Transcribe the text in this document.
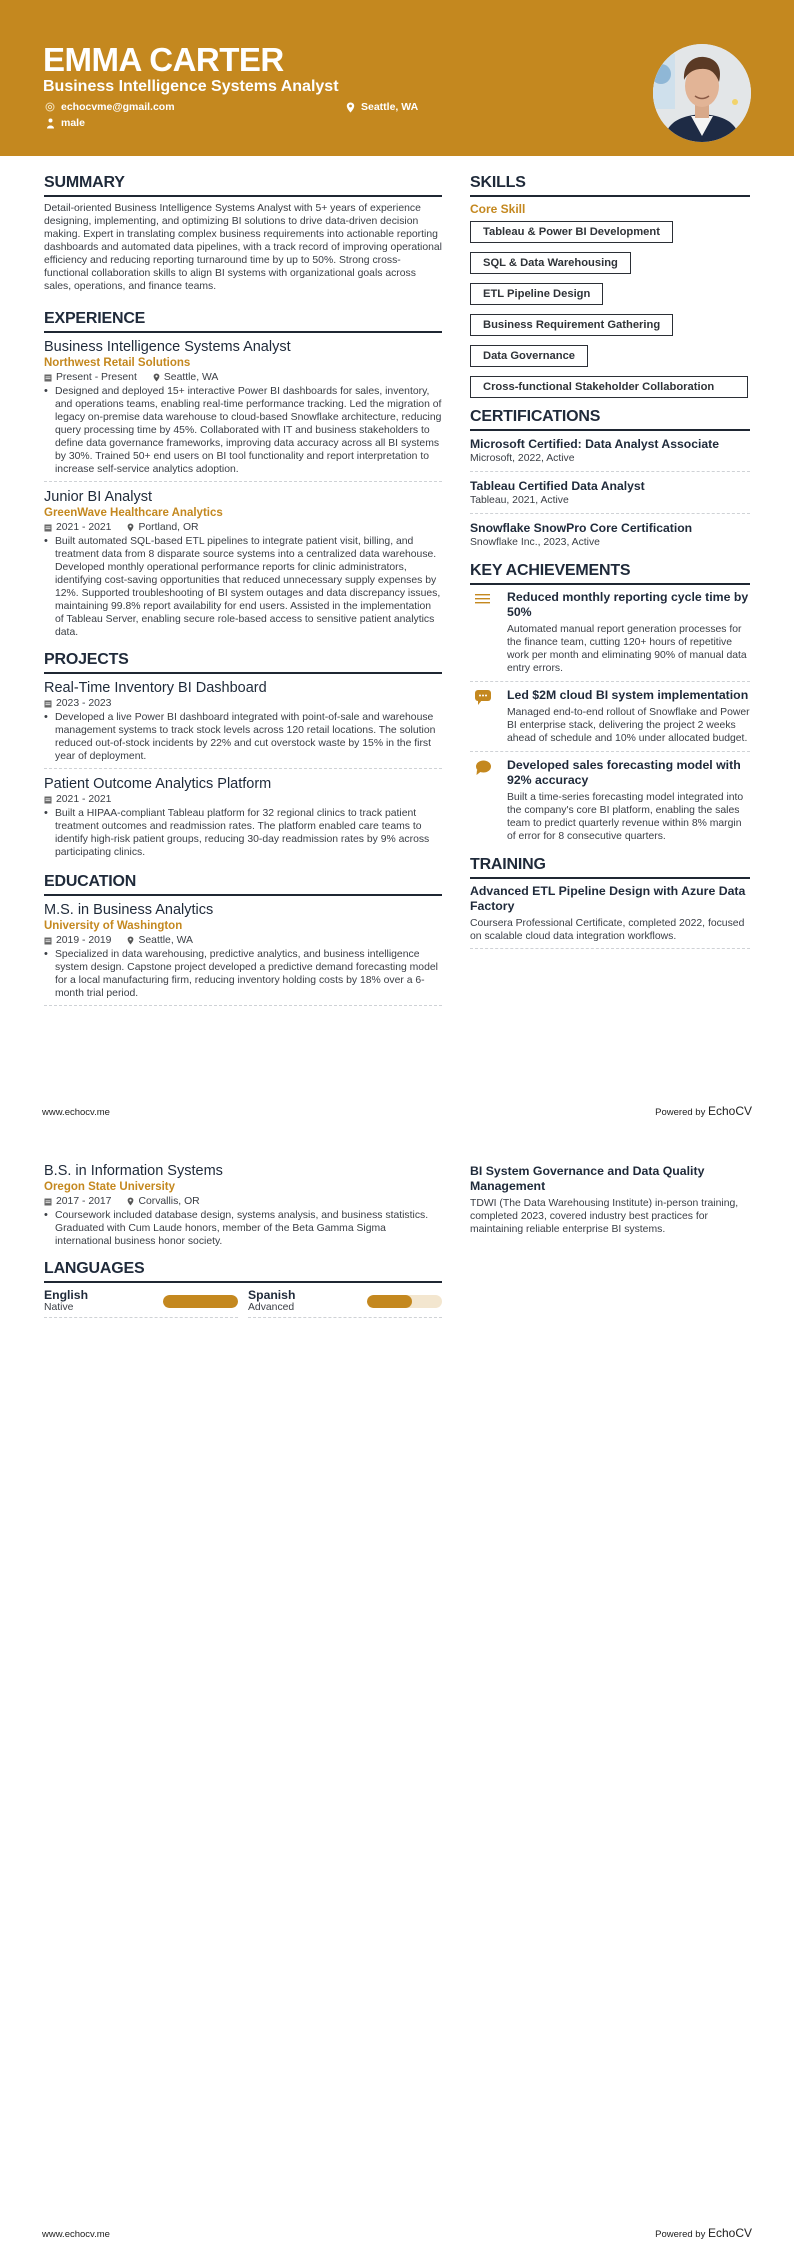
EMMA CARTER
Business Intelligence Systems Analyst
echocvme@gmail.com	Seattle, WA
male
SUMMARY

Detail-oriented Business Intelligence Systems Analyst with 5+ years of experience designing, implementing, and optimizing BI solutions to drive data-driven decision making. Expert in translating complex business requirements into actionable reporting dashboards and automated data pipelines, with a track record of improving operational efficiency and reducing reporting turnaround time by up to 50%. Strong cross-functional collaboration skills to align BI systems with organizational goals across sales, operations, and finance teams.

EXPERIENCE
Business Intelligence Systems Analyst
Northwest Retail Solutions
Present - Present	Seattle, WA
• Designed and deployed 15+ interactive Power BI dashboards for sales, inventory, and operations teams, enabling real-time performance tracking. Led the migration of legacy on-premise data warehouse to cloud-based Snowflake architecture, reducing query processing time by 45%. Collaborated with IT and business stakeholders to define data governance frameworks, improving data accuracy across all BI systems by 30%. Trained 50+ end users on BI tool functionality and report interpretation to increase self-service analytics adoption.
Junior BI Analyst
GreenWave Healthcare Analytics
2021 - 2021	Portland, OR
• Built automated SQL-based ETL pipelines to integrate patient visit, billing, and treatment data from 8 disparate source systems into a centralized data warehouse. Developed monthly operational performance reports for clinic administrators, identifying cost-saving opportunities that reduced unnecessary supply expenses by 12%. Supported troubleshooting of BI system outages and data discrepancy issues, maintaining 99.8% report availability for end users. Assisted in the implementation of Tableau Server, enabling secure role-based access to sensitive patient analytics data.
PROJECTS
Real-Time Inventory BI Dashboard
2023 - 2023
• Developed a live Power BI dashboard integrated with point-of-sale and warehouse management systems to track stock levels across 120 retail locations. The solution reduced out-of-stock incidents by 22% and cut overstock waste by 15% in the first year of deployment.
Patient Outcome Analytics Platform
2021 - 2021
• Built a HIPAA-compliant Tableau platform for 32 regional clinics to track patient treatment outcomes and readmission rates. The platform enabled care teams to identify high-risk patient groups, reducing 30-day readmission rates by 9% across participating clinics.
EDUCATION
M.S. in Business Analytics
University of Washington
2019 - 2019	Seattle, WA
• Specialized in data warehousing, predictive analytics, and business intelligence system design. Capstone project developed a predictive demand forecasting model for a local manufacturing firm, reducing inventory holding costs by 18% over a 6-month trial period.
SKILLS
Core Skill
Tableau & Power BI Development
SQL & Data Warehousing
ETL Pipeline Design
Business Requirement Gathering
Data Governance
Cross-functional Stakeholder Collaboration
CERTIFICATIONS
Microsoft Certified: Data Analyst Associate
Microsoft, 2022, Active
Tableau Certified Data Analyst
Tableau, 2021, Active
Snowflake SnowPro Core Certification
Snowflake Inc., 2023, Active
KEY ACHIEVEMENTS
Reduced monthly reporting cycle time by 50%
Automated manual report generation processes for the finance team, cutting 120+ hours of repetitive work per month and eliminating 90% of manual data entry errors.
Led $2M cloud BI system implementation
Managed end-to-end rollout of Snowflake and Power BI enterprise stack, delivering the project 2 weeks ahead of schedule and 10% under allocated budget.
Developed sales forecasting model with 92% accuracy
Built a time-series forecasting model integrated into the company's core BI platform, enabling the sales team to predict quarterly revenue within 8% margin of error for 8 consecutive quarters.
TRAINING
Advanced ETL Pipeline Design with Azure Data Factory
Coursera Professional Certificate, completed 2022, focused on scalable cloud data integration workflows.
www.echocv.me	Powered by EchoCV
B.S. in Information Systems
Oregon State University
2017 - 2017	Corvallis, OR
• Coursework included database design, systems analysis, and business statistics. Graduated with Cum Laude honors, member of the Beta Gamma Sigma international business honor society.
LANGUAGES
English
Native
Spanish
Advanced
BI System Governance and Data Quality Management
TDWI (The Data Warehousing Institute) in-person training, completed 2023, covered industry best practices for maintaining reliable enterprise BI systems.
www.echocv.me	Powered by EchoCV
